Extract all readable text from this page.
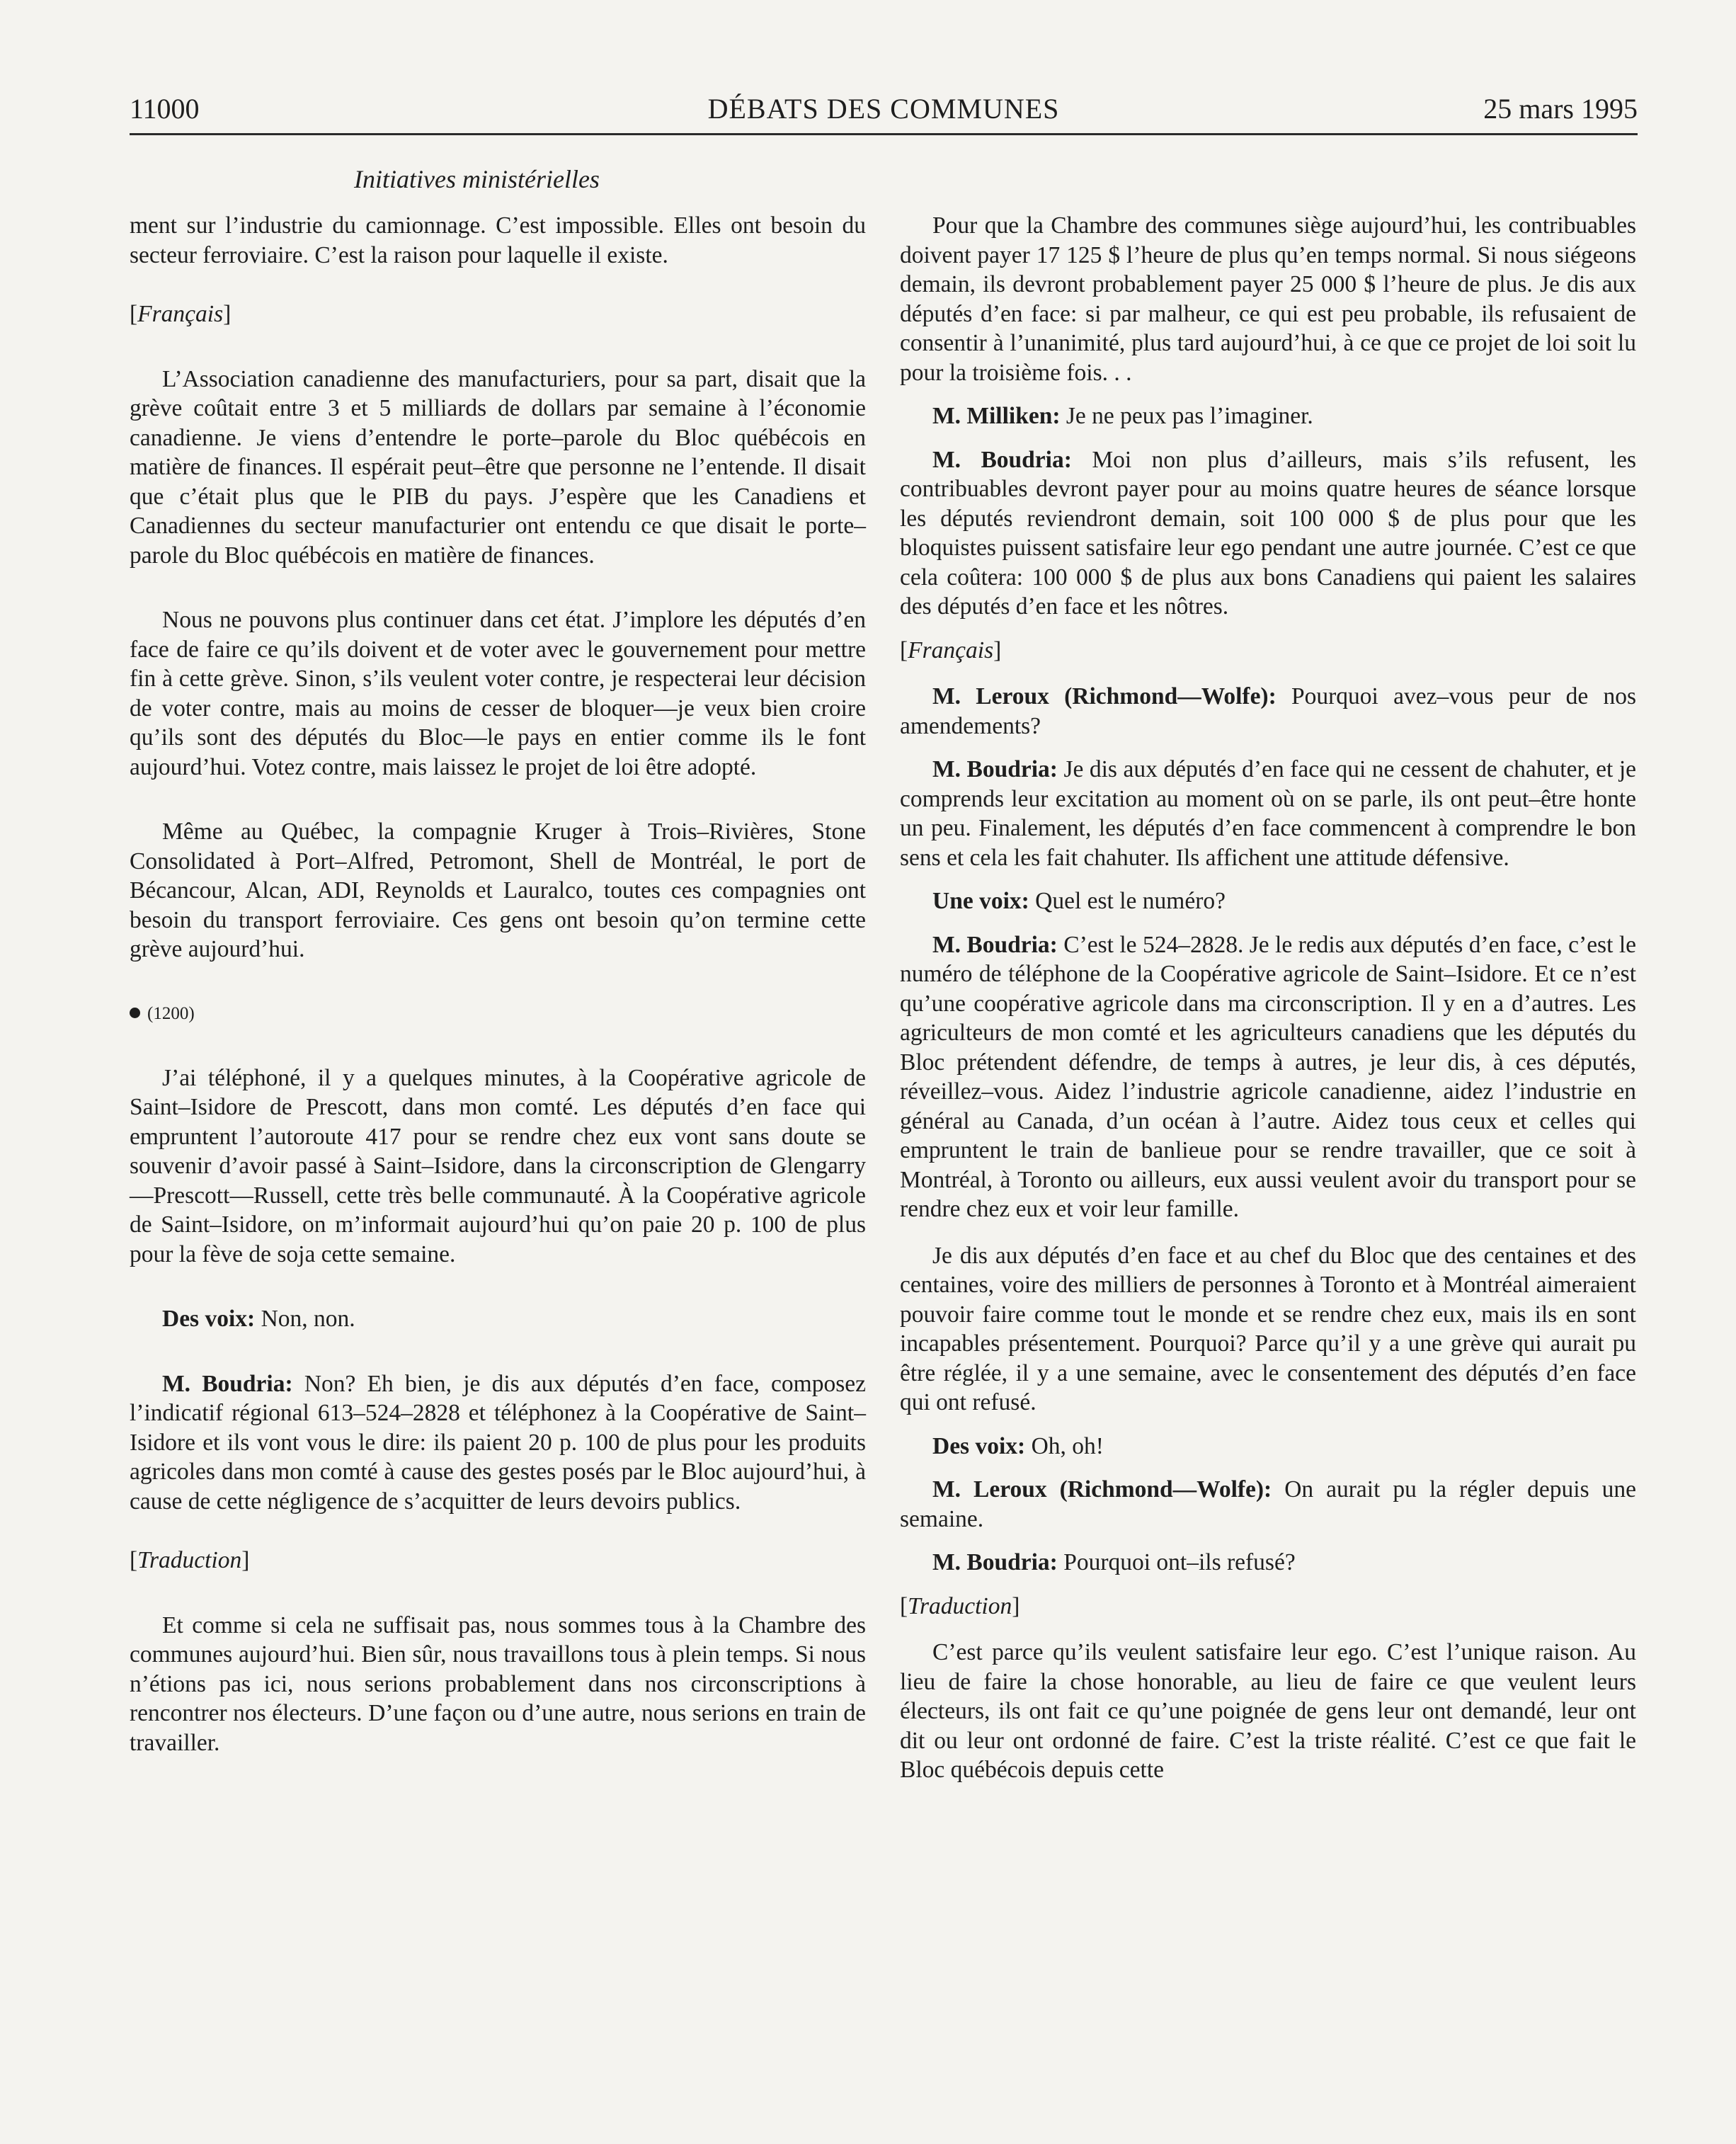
11000	DÉBATS DES COMMUNES	25 mars 1995
Initiatives ministérielles

ment sur l’industrie du camionnage. C’est impossible. Elles ont besoin du secteur ferroviaire. C’est la raison pour laquelle il existe.

[ Français ]

L’Association canadienne des manufacturiers, pour sa part, disait que la grève coûtait entre 3 et 5 milliards de dollars par semaine à l’économie canadienne. Je viens d’entendre le porte–parole du Bloc québécois en matière de finances. Il espérait peut–être que personne ne l’entende. Il disait que c’était plus que le PIB du pays. J’espère que les Canadiens et Canadiennes du secteur manufacturier ont entendu ce que disait le porte–parole du Bloc québécois en matière de finances.

Nous ne pouvons plus continuer dans cet état. J’implore les députés d’en face de faire ce qu’ils doivent et de voter avec le gouvernement pour mettre fin à cette grève. Sinon, s’ils veulent voter contre, je respecterai leur décision de voter contre, mais au moins de cesser de bloquer—je veux bien croire qu’ils sont des députés du Bloc—le pays en entier comme ils le font aujourd’hui. Votez contre, mais laissez le projet de loi être adopté.

Même au Québec, la compagnie Kruger à Trois–Rivières, Stone Consolidated à Port–Alfred, Petromont, Shell de Montréal, le port de Bécancour, Alcan, ADI, Reynolds et Lauralco, toutes ces compagnies ont besoin du transport ferroviaire. Ces gens ont besoin qu’on termine cette grève aujourd’hui.

(1200)

J’ai téléphoné, il y a quelques minutes, à la Coopérative agricole de Saint–Isidore de Prescott, dans mon comté. Les députés d’en face qui empruntent l’autoroute 417 pour se rendre chez eux vont sans doute se souvenir d’avoir passé à Saint–Isidore, dans la circonscription de Glengarry—Prescott—Russell, cette très belle communauté. À la Coopérative agricole de Saint–Isidore, on m’informait aujourd’hui qu’on paie 20 p. 100 de plus pour la fève de soja cette semaine.

Des voix: Non, non.

M. Boudria: Non? Eh bien, je dis aux députés d’en face, composez l’indicatif régional 613–524–2828 et téléphonez à la Coopérative de Saint–Isidore et ils vont vous le dire: ils paient 20 p. 100 de plus pour les produits agricoles dans mon comté à cause des gestes posés par le Bloc aujourd’hui, à cause de cette négligence de s’acquitter de leurs devoirs publics.

[ Traduction ]

Et comme si cela ne suffisait pas, nous sommes tous à la Chambre des communes aujourd’hui. Bien sûr, nous travaillons tous à plein temps. Si nous n’étions pas ici, nous serions probablement dans nos circonscriptions à rencontrer nos électeurs. D’une façon ou d’une autre, nous serions en train de travailler.

Pour que la Chambre des communes siège aujourd’hui, les contribuables doivent payer 17 125 $ l’heure de plus qu’en temps normal. Si nous siégeons demain, ils devront probablement payer 25 000 $ l’heure de plus. Je dis aux députés d’en face: si par malheur, ce qui est peu probable, ils refusaient de consentir à l’unanimité, plus tard aujourd’hui, à ce que ce projet de loi soit lu pour la troisième fois. . .

M. Milliken: Je ne peux pas l’imaginer.

M. Boudria: Moi non plus d’ailleurs, mais s’ils refusent, les contribuables devront payer pour au moins quatre heures de séance lorsque les députés reviendront demain, soit 100 000 $ de plus pour que les bloquistes puissent satisfaire leur ego pendant une autre journée. C’est ce que cela coûtera: 100 000 $ de plus aux bons Canadiens qui paient les salaires des députés d’en face et les nôtres.

[ Français ]

M. Leroux (Richmond—Wolfe): Pourquoi avez–vous peur de nos amendements?

M. Boudria: Je dis aux députés d’en face qui ne cessent de chahuter, et je comprends leur excitation au moment où on se parle, ils ont peut–être honte un peu. Finalement, les députés d’en face commencent à comprendre le bon sens et cela les fait chahuter. Ils affichent une attitude défensive.

Une voix: Quel est le numéro?

M. Boudria: C’est le 524–2828. Je le redis aux députés d’en face, c’est le numéro de téléphone de la Coopérative agricole de Saint–Isidore. Et ce n’est qu’une coopérative agricole dans ma circonscription. Il y en a d’autres. Les agriculteurs de mon comté et les agriculteurs canadiens que les députés du Bloc prétendent défendre, de temps à autres, je leur dis, à ces députés, réveillez–vous. Aidez l’industrie agricole canadienne, aidez l’industrie en général au Canada, d’un océan à l’autre. Aidez tous ceux et celles qui empruntent le train de banlieue pour se rendre travailler, que ce soit à Montréal, à Toronto ou ailleurs, eux aussi veulent avoir du transport pour se rendre chez eux et voir leur famille.

Je dis aux députés d’en face et au chef du Bloc que des centaines et des centaines, voire des milliers de personnes à Toronto et à Montréal aimeraient pouvoir faire comme tout le monde et se rendre chez eux, mais ils en sont incapables présentement. Pourquoi? Parce qu’il y a une grève qui aurait pu être réglée, il y a une semaine, avec le consentement des députés d’en face qui ont refusé.

Des voix: Oh, oh!

M. Leroux (Richmond—Wolfe): On aurait pu la régler depuis une semaine.

M. Boudria: Pourquoi ont–ils refusé?

[ Traduction ]

C’est parce qu’ils veulent satisfaire leur ego. C’est l’unique raison. Au lieu de faire la chose honorable, au lieu de faire ce que veulent leurs électeurs, ils ont fait ce qu’une poignée de gens leur ont demandé, leur ont dit ou leur ont ordonné de faire. C’est la triste réalité. C’est ce que fait le Bloc québécois depuis cette
